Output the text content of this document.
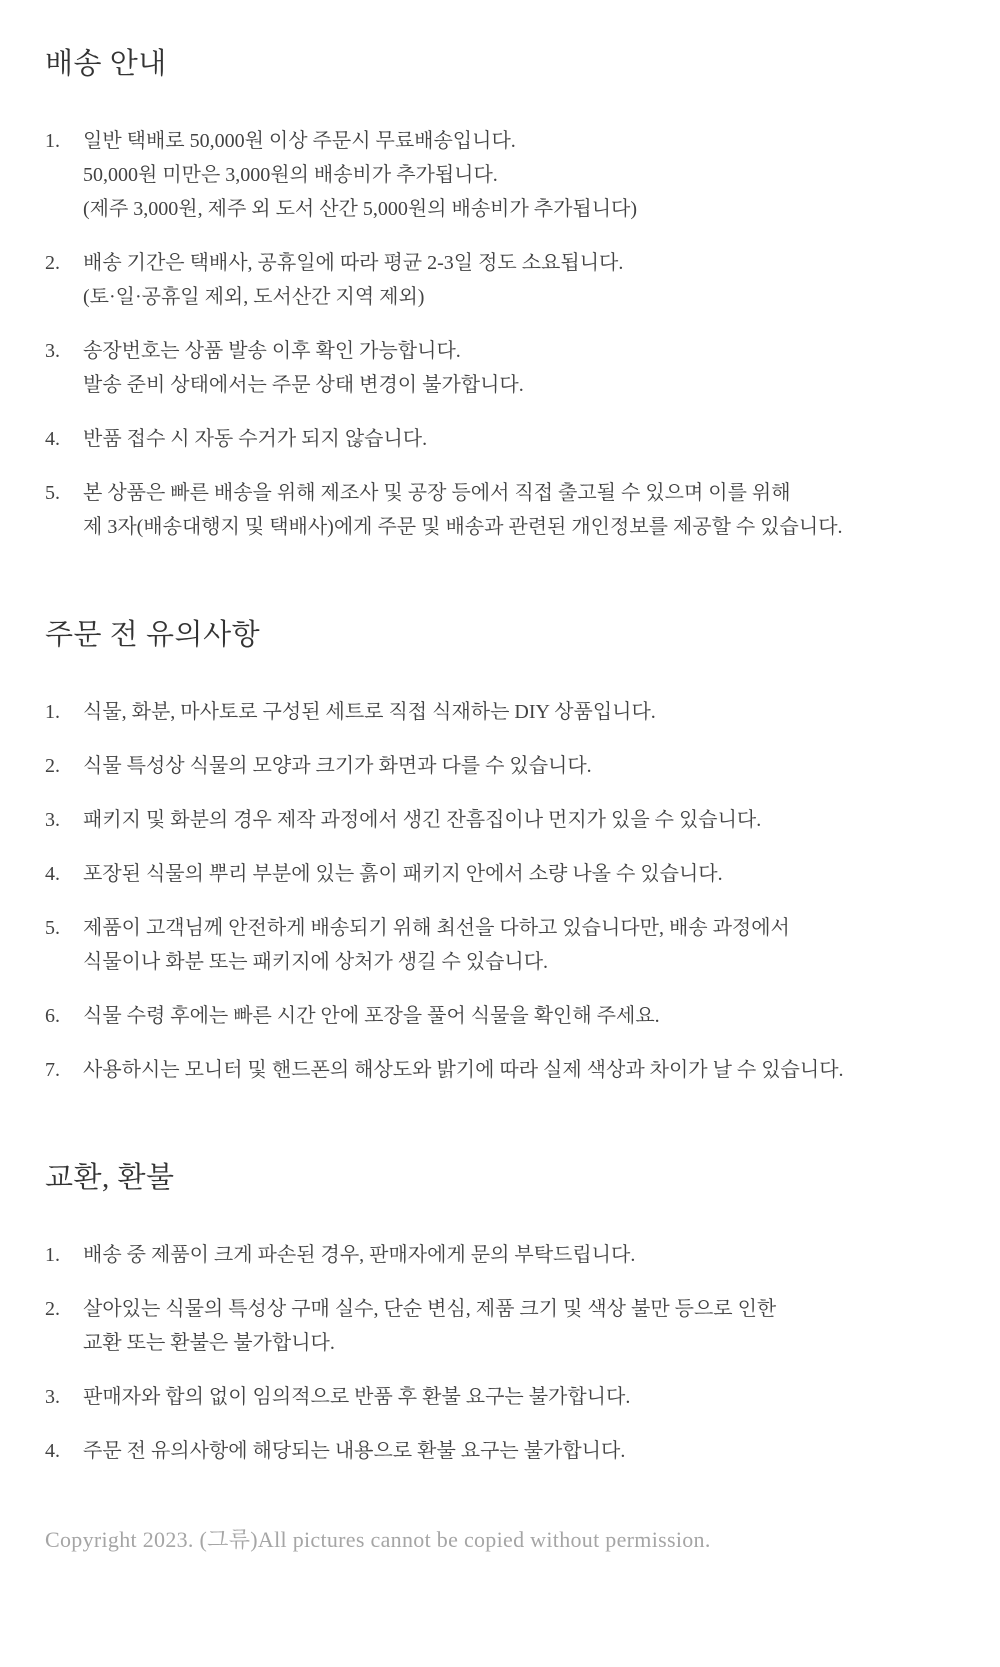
배송 안내
1.	일반 택배로 50,000원 이상 주문시 무료배송입니다.
50,000원 미만은 3,000원의 배송비가 추가됩니다.
(제주 3,000원, 제주 외 도서 산간 5,000원의 배송비가 추가됩니다)
2.	배송 기간은 택배사, 공휴일에 따라 평균 2-3일 정도 소요됩니다.
(토·일·공휴일 제외, 도서산간 지역 제외)
3.	송장번호는 상품 발송 이후 확인 가능합니다.
발송 준비 상태에서는 주문 상태 변경이 불가합니다.
4.	반품 접수 시 자동 수거가 되지 않습니다.
5.	본 상품은 빠른 배송을 위해 제조사 및 공장 등에서 직접 출고될 수 있으며 이를 위해
제 3자(배송대행지 및 택배사)에게 주문 및 배송과 관련된 개인정보를 제공할 수 있습니다.
주문 전 유의사항
1.	식물, 화분, 마사토로 구성된 세트로 직접 식재하는 DIY 상품입니다.
2.	식물 특성상 식물의 모양과 크기가 화면과 다를 수 있습니다.
3.	패키지 및 화분의 경우 제작 과정에서 생긴 잔흠집이나 먼지가 있을 수 있습니다.
4.	포장된 식물의 뿌리 부분에 있는 흙이 패키지 안에서 소량 나올 수 있습니다.
5.	제품이 고객님께 안전하게 배송되기 위해 최선을 다하고 있습니다만, 배송 과정에서
식물이나 화분 또는 패키지에 상처가 생길 수 있습니다.
6.	식물 수령 후에는 빠른 시간 안에 포장을 풀어 식물을 확인해 주세요.
7.	사용하시는 모니터 및 핸드폰의 해상도와 밝기에 따라 실제 색상과 차이가 날 수 있습니다.
교환, 환불
1.	배송 중 제품이 크게 파손된 경우, 판매자에게 문의 부탁드립니다.
2.	살아있는 식물의 특성상 구매 실수, 단순 변심, 제품 크기 및 색상 불만 등으로 인한
교환 또는 환불은 불가합니다.
3.	판매자와 합의 없이 임의적으로 반품 후 환불 요구는 불가합니다.
4.	주문 전 유의사항에 해당되는 내용으로 환불 요구는 불가합니다.
Copyright 2023. (그류)All pictures cannot be copied without permission.
